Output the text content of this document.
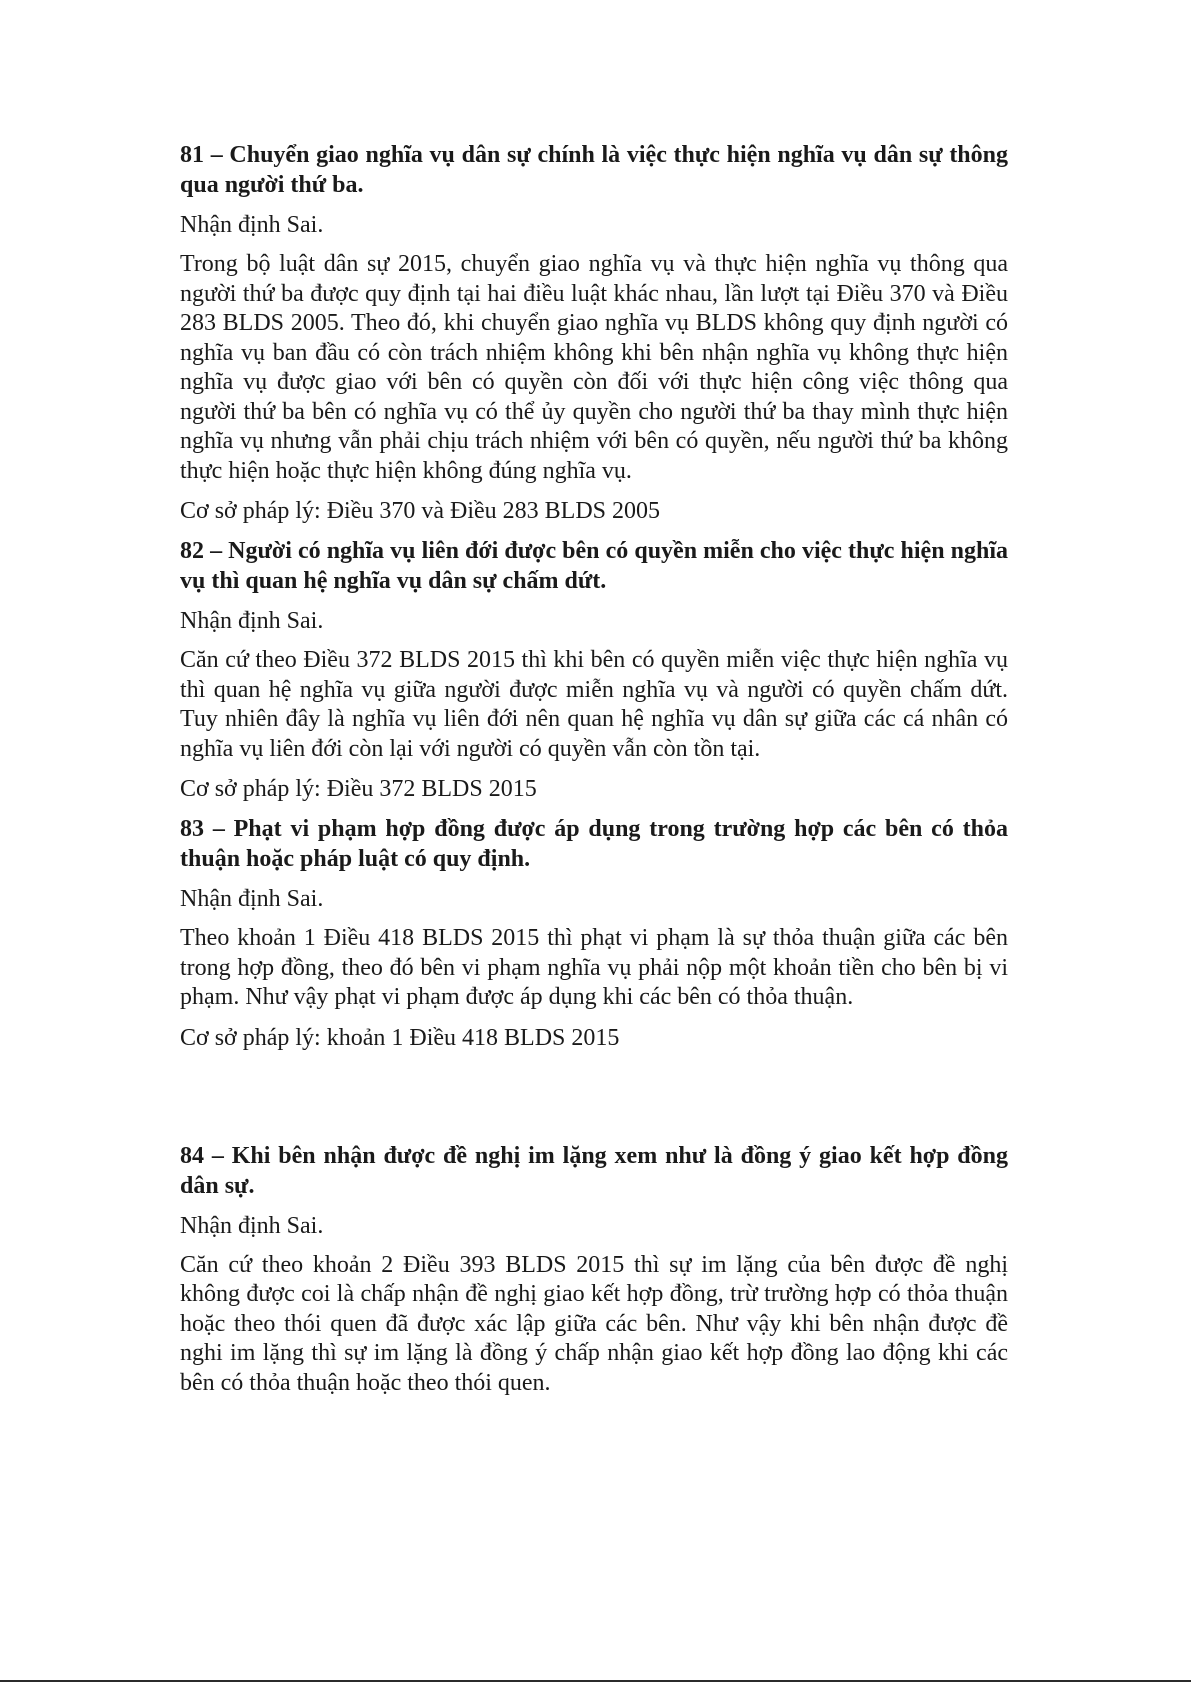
81 – Chuyển giao nghĩa vụ dân sự chính là việc thực hiện nghĩa vụ dân sự thông qua người thứ ba.

Nhận định Sai.

Trong bộ luật dân sự 2015, chuyển giao nghĩa vụ và thực hiện nghĩa vụ thông qua người thứ ba được quy định tại hai điều luật khác nhau, lần lượt tại Điều 370 và Điều 283 BLDS 2005. Theo đó, khi chuyển giao nghĩa vụ BLDS không quy định người có nghĩa vụ ban đầu có còn trách nhiệm không khi bên nhận nghĩa vụ không thực hiện nghĩa vụ được giao với bên có quyền còn đối với thực hiện công việc thông qua người thứ ba bên có nghĩa vụ có thể ủy quyền cho người thứ ba thay mình thực hiện nghĩa vụ nhưng vẫn phải chịu trách nhiệm với bên có quyền, nếu người thứ ba không thực hiện hoặc thực hiện không đúng nghĩa vụ.

Cơ sở pháp lý: Điều 370 và Điều 283 BLDS 2005

82 – Người có nghĩa vụ liên đới được bên có quyền miễn cho việc thực hiện nghĩa vụ thì quan hệ nghĩa vụ dân sự chấm dứt.

Nhận định Sai.

Căn cứ theo Điều 372 BLDS 2015 thì khi bên có quyền miễn việc thực hiện nghĩa vụ thì quan hệ nghĩa vụ giữa người được miễn nghĩa vụ và người có quyền chấm dứt. Tuy nhiên đây là nghĩa vụ liên đới nên quan hệ nghĩa vụ dân sự giữa các cá nhân có nghĩa vụ liên đới còn lại với người có quyền vẫn còn tồn tại.

Cơ sở pháp lý: Điều 372 BLDS 2015

83 – Phạt vi phạm hợp đồng được áp dụng trong trường hợp các bên có thỏa thuận hoặc pháp luật có quy định.

Nhận định Sai.

Theo khoản 1 Điều 418 BLDS 2015 thì phạt vi phạm là sự thỏa thuận giữa các bên trong hợp đồng, theo đó bên vi phạm nghĩa vụ phải nộp một khoản tiền cho bên bị vi phạm. Như vậy phạt vi phạm được áp dụng khi các bên có thỏa thuận.

Cơ sở pháp lý: khoản 1 Điều 418 BLDS 2015

84 – Khi bên nhận được đề nghị im lặng xem như là đồng ý giao kết hợp đồng dân sự.

Nhận định Sai.

Căn cứ theo khoản 2 Điều 393 BLDS 2015 thì sự im lặng của bên được đề nghị không được coi là chấp nhận đề nghị giao kết hợp đồng, trừ trường hợp có thỏa thuận hoặc theo thói quen đã được xác lập giữa các bên. Như vậy khi bên nhận được đề nghi im lặng thì sự im lặng là đồng ý chấp nhận giao kết hợp đồng lao động khi các bên có thỏa thuận hoặc theo thói quen.
